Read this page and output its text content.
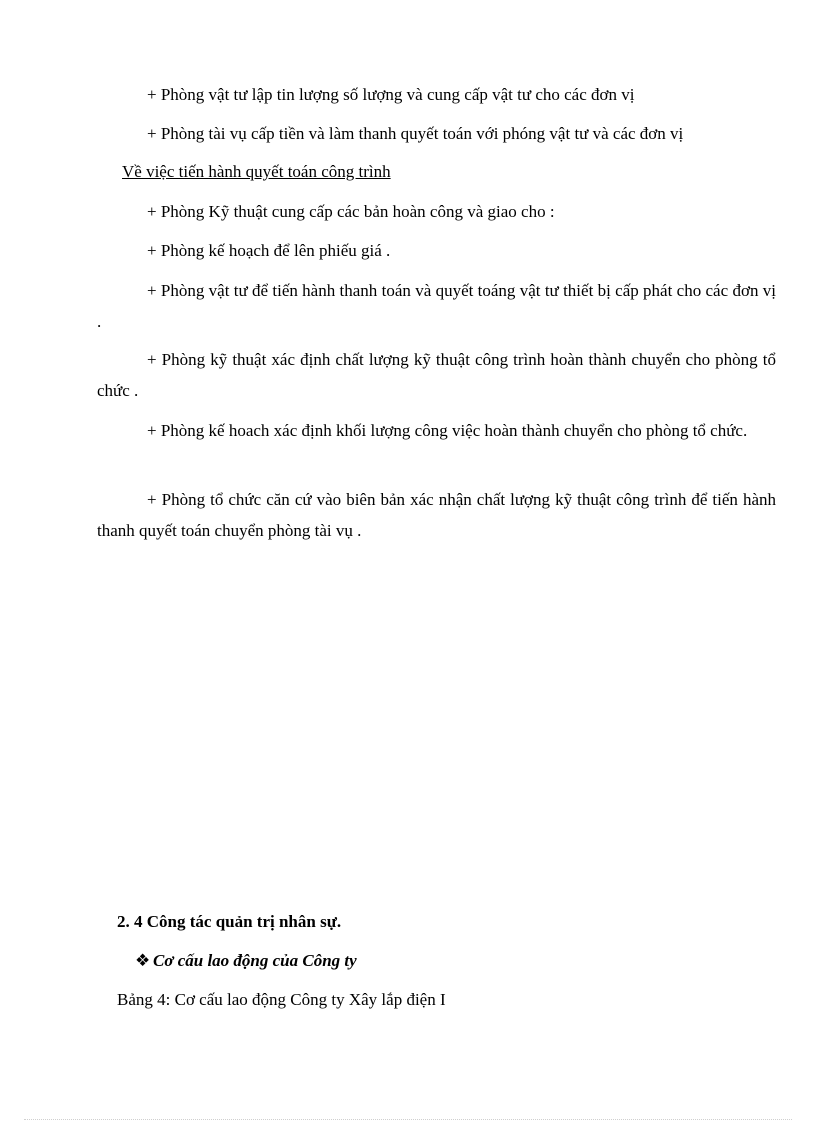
+ Phòng vật tư lập tin lượng số lượng và cung cấp vật tư cho các đơn vị
+ Phòng tài vụ cấp tiền và làm thanh quyết toán với phóng vật tư và các đơn vị
Về việc tiến hành quyết toán công trình
+ Phòng Kỹ thuật cung cấp các bản hoàn công và giao cho :
+ Phòng kế hoạch để lên phiếu giá .
+ Phòng vật tư để tiến hành thanh toán và quyết toáng vật tư thiết bị cấp phát cho các đơn vị .
+ Phòng kỹ thuật xác định chất lượng kỹ thuật công trình hoàn thành chuyển cho phòng tổ chức .
+ Phòng kế hoach xác định khối lượng công việc hoàn thành chuyển cho phòng tổ chức.
+ Phòng tổ chức căn cứ vào biên bản xác nhận chất lượng kỹ thuật công trình để tiến hành thanh quyết toán chuyển phòng tài vụ .
2. 4 Công tác quản trị nhân sự.
❖ Cơ cấu lao động của Công ty
Bảng 4: Cơ cấu lao động Công ty Xây lắp điện I
